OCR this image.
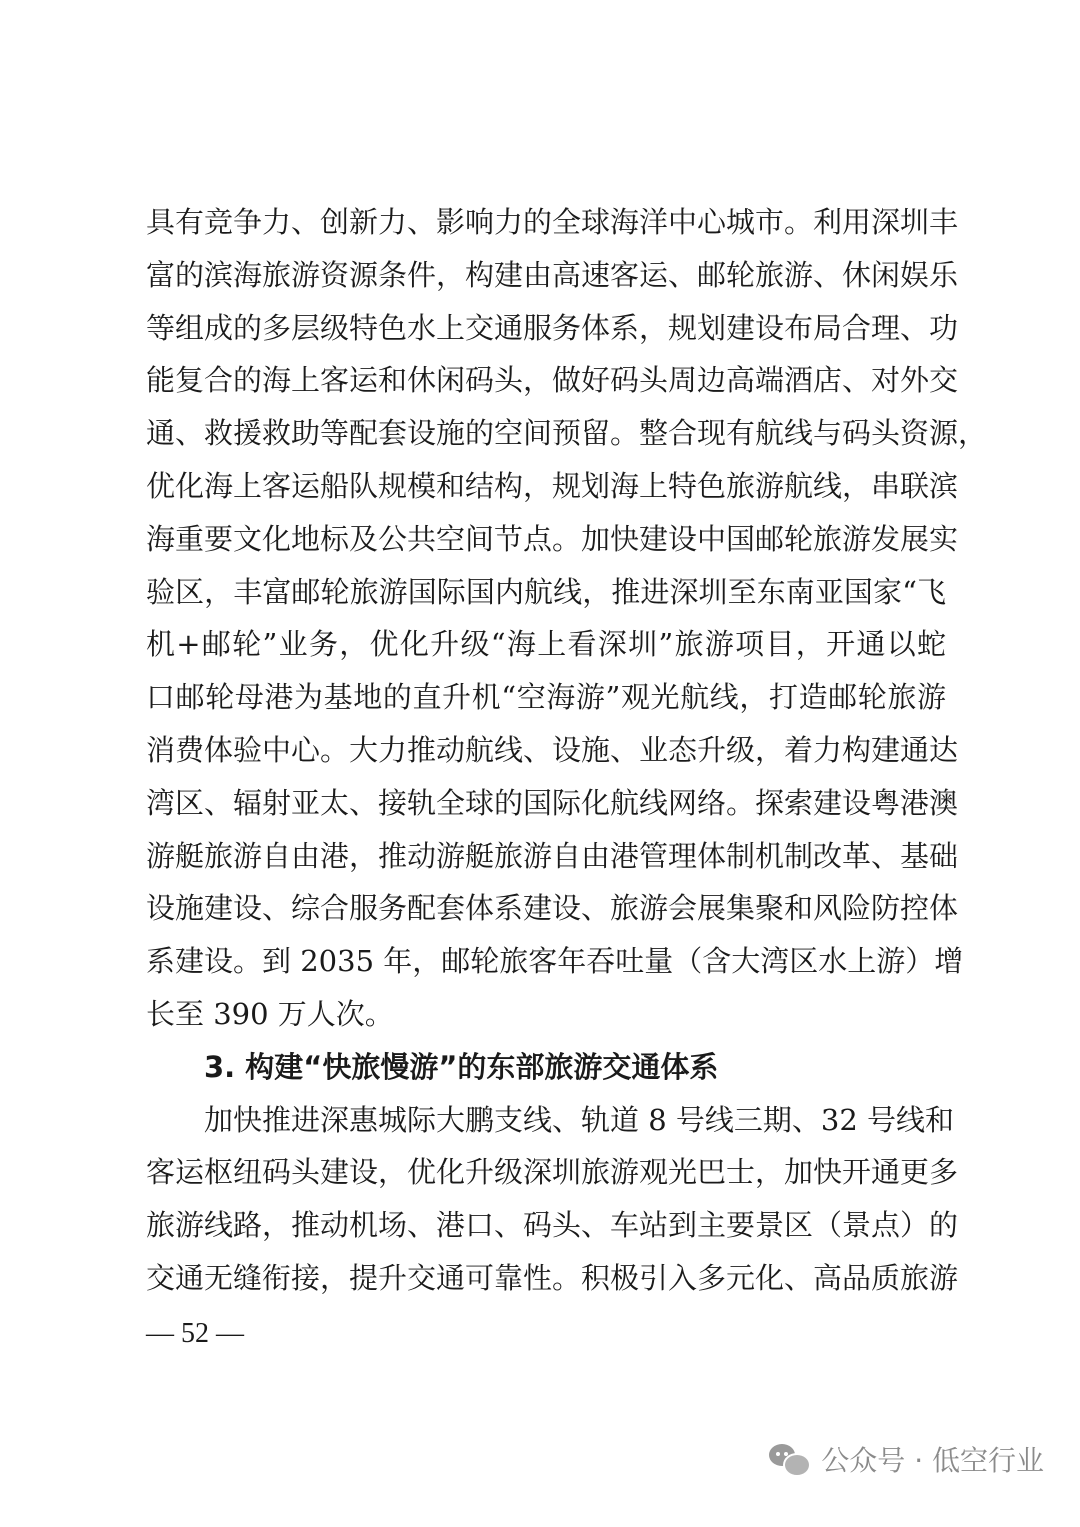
具有竞争力、创新力、影响力的全球海洋中心城市。利用深圳丰
富的滨海旅游资源条件，构建由高速客运、邮轮旅游、休闲娱乐
等组成的多层级特色水上交通服务体系，规划建设布局合理、功
能复合的海上客运和休闲码头，做好码头周边高端酒店、对外交
通、救援救助等配套设施的空间预留。整合现有航线与码头资源，
优化海上客运船队规模和结构，规划海上特色旅游航线，串联滨
海重要文化地标及公共空间节点。加快建设中国邮轮旅游发展实
验区，丰富邮轮旅游国际国内航线，推进深圳至东南亚国家“飞
机+邮轮”业务，优化升级“海上看深圳”旅游项目，开通以蛇
口邮轮母港为基地的直升机“空海游”观光航线，打造邮轮旅游
消费体验中心。大力推动航线、设施、业态升级，着力构建通达
湾区、辐射亚太、接轨全球的国际化航线网络。探索建设粤港澳
游艇旅游自由港，推动游艇旅游自由港管理体制机制改革、基础
设施建设、综合服务配套体系建设、旅游会展集聚和风险防控体
系建设。到 2035 年，邮轮旅客年吞吐量（含大湾区水上游）增
长至 390 万人次。
3. 构建“快旅慢游”的东部旅游交通体系
加快推进深惠城际大鹏支线、轨道 8 号线三期、32 号线和
客运枢纽码头建设，优化升级深圳旅游观光巴士，加快开通更多
旅游线路，推动机场、港口、码头、车站到主要景区（景点）的
交通无缝衔接，提升交通可靠性。积极引入多元化、高品质旅游
— 52 —
公众号 · 低空行业
